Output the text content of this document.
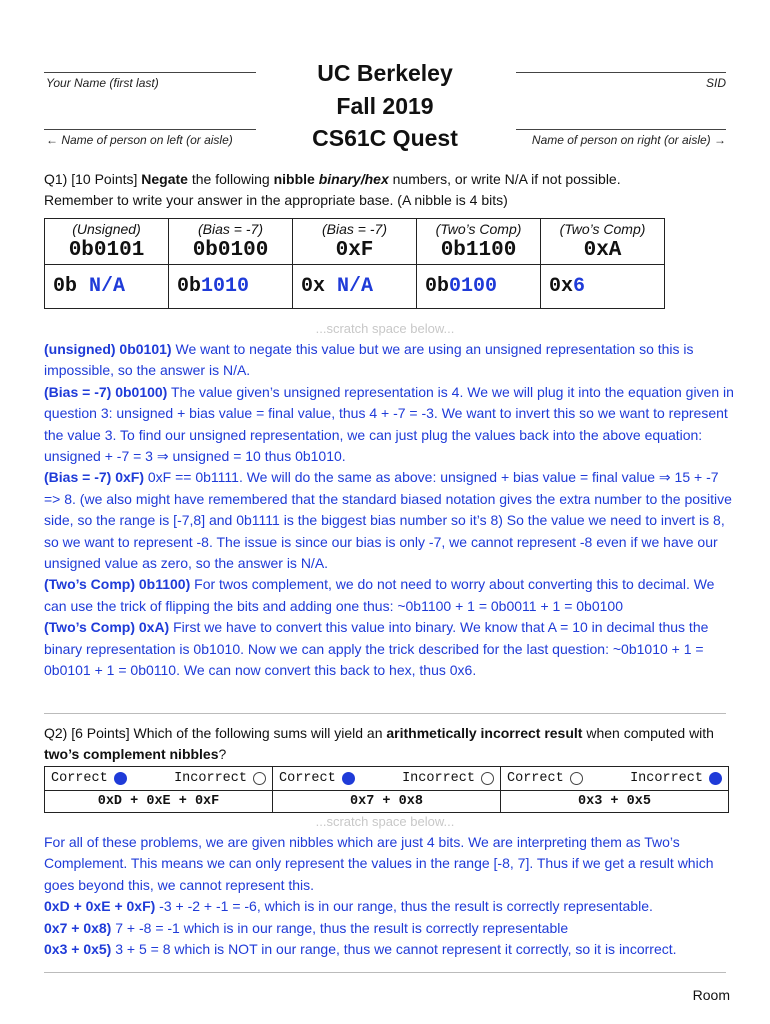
Your Name (first last)
← Name of person on left (or aisle)
UC Berkeley
Fall 2019
CS61C Quest
SID
Name of person on right (or aisle) →
Q1) [10 Points] Negate the following nibble binary/hex numbers, or write N/A if not possible.
Remember to write your answer in the appropriate base. (A nibble is 4 bits)
(Unsigned)	(Bias = -7)	(Bias = -7)	(Two’s Comp)	(Two’s Comp)
0b0101	0b0100	0xF	0b1100	0xA
0b N/A	0b1010	0x N/A	0b0100	0x6
...scratch space below...
(unsigned) 0b0101) We want to negate this value but we are using an unsigned representation so this is impossible, so the answer is N/A.
(Bias = -7) 0b0100) The value given’s unsigned representation is 4. We we will plug it into the equation given in question 3: unsigned + bias value = final value, thus 4 + -7 = -3. We want to invert this so we want to represent the value 3. To find our unsigned representation, we can just plug the values back into the above equation: unsigned + -7 = 3 ⇒ unsigned = 10 thus 0b1010.
(Bias = -7) 0xF) 0xF == 0b1111. We will do the same as above: unsigned + bias value = final value ⇒ 15 + -7 => 8. (we also might have remembered that the standard biased notation gives the extra number to the positive side, so the range is [-7,8] and 0b1111 is the biggest bias number so it’s 8) So the value we need to invert is 8, so we want to represent -8. The issue is since our bias is only -7, we cannot represent -8 even if we have our unsigned value as zero, so the answer is N/A.
(Two’s Comp) 0b1100) For twos complement, we do not need to worry about converting this to decimal. We can use the trick of flipping the bits and adding one thus: ~0b1100 + 1 = 0b0011 + 1 = 0b0100
(Two’s Comp) 0xA) First we have to convert this value into binary. We know that A = 10 in decimal thus the binary representation is 0b1010. Now we can apply the trick described for the last question: ~0b1010 + 1 = 0b0101 + 1 = 0b0110. We can now convert this back to hex, thus 0x6.
Q2) [6 Points] Which of the following sums will yield an arithmetically incorrect result when computed with two’s complement nibbles?
Correct Incorrect	Correct Incorrect	Correct Incorrect

0xD + 0xE + 0xF	0x7 + 0x8	0x3 + 0x5
...scratch space below...
For all of these problems, we are given nibbles which are just 4 bits. We are interpreting them as Two’s Complement. This means we can only represent the values in the range [-8, 7]. Thus if we get a result which goes beyond this, we cannot represent this.
0xD + 0xE + 0xF) -3 + -2 + -1 = -6, which is in our range, thus the result is correctly representable.
0x7 + 0x8) 7 + -8 = -1 which is in our range, thus the result is correctly representable
0x3 + 0x5) 3 + 5 = 8 which is NOT in our range, thus we cannot represent it correctly, so it is incorrect.
Room
